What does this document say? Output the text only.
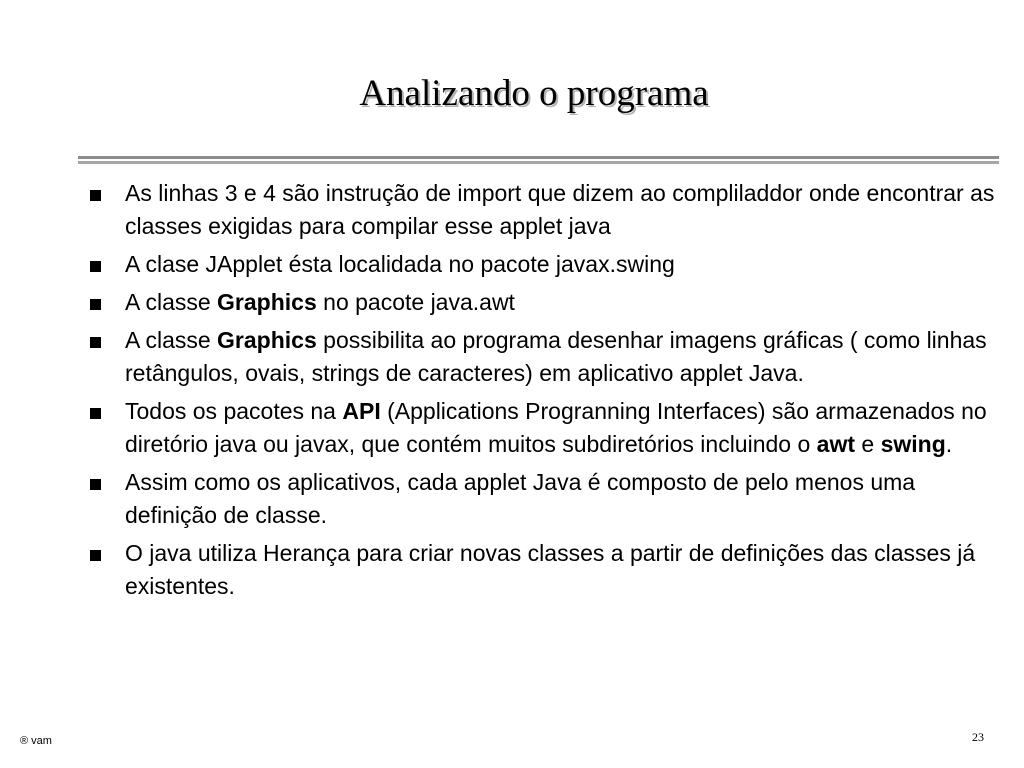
Analizando o programa
As linhas 3 e 4 são instrução de import que dizem ao compliladdor onde encontrar as classes exigidas para compilar esse applet java
A clase JApplet ésta localidada no pacote javax.swing
A classe Graphics no pacote java.awt
A classe Graphics possibilita ao programa desenhar imagens gráficas ( como linhas retângulos, ovais, strings de caracteres) em aplicativo applet Java.
Todos os pacotes na API (Applications Progranning Interfaces) são armazenados no diretório java ou javax, que contém muitos subdiretórios incluindo o awt e swing.
Assim como os aplicativos, cada applet Java é composto de pelo menos uma definição de classe.
O java utiliza Herança para criar novas classes a partir de definições das classes já existentes.
® vam	23
